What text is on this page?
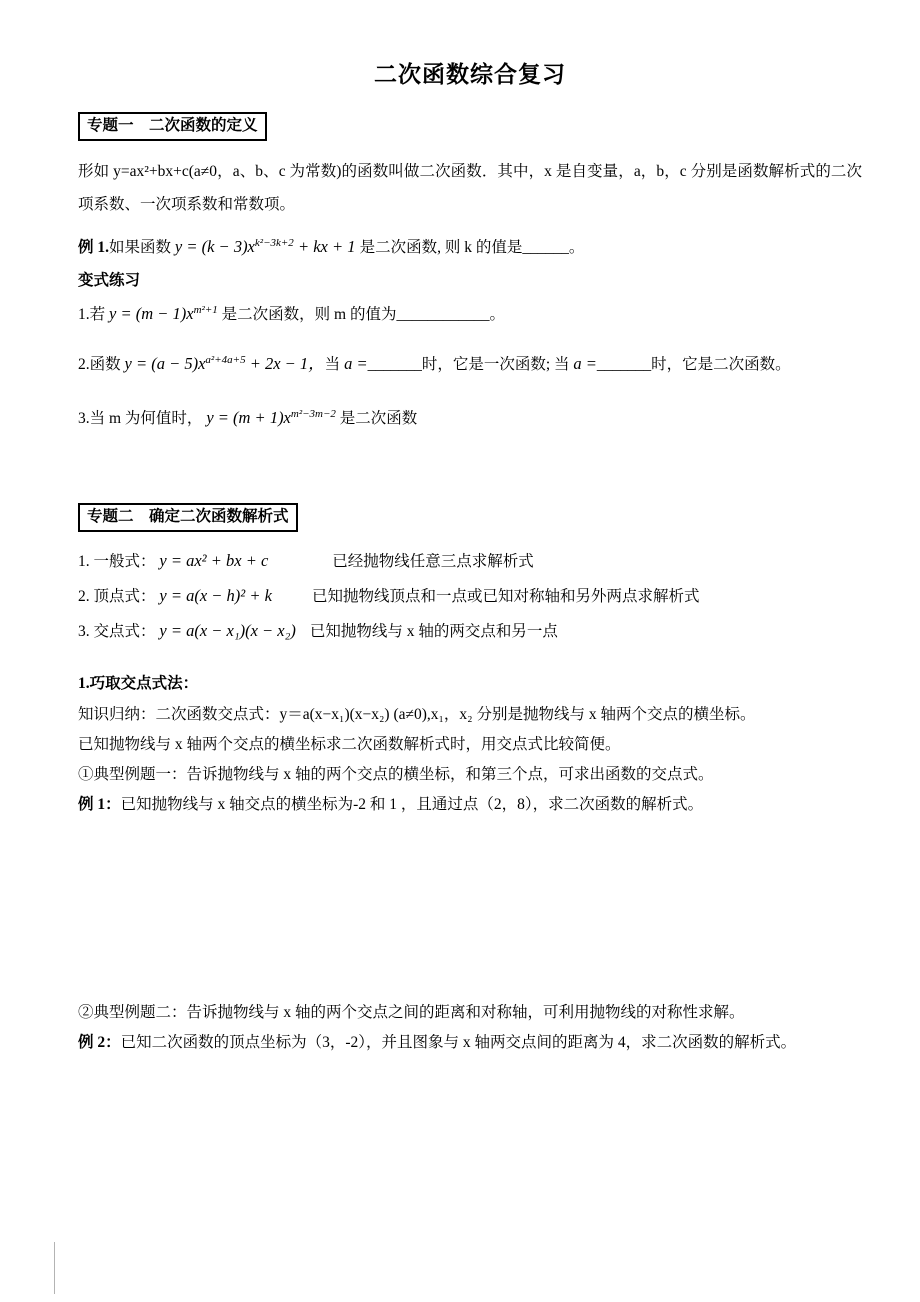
二次函数综合复习
专题一　二次函数的定义

形如 y=ax²+bx+c(a≠0，a、b、c 为常数)的函数叫做二次函数．其中，x 是自变量，a，b，c 分别是函数解析式的二次项系数、一次项系数和常数项。

例 1.如果函数 $y = (k - 3)x^{k^2-3k+2}$ + kx + 1 是二次函数, 则 k 的值是______。

变式练习

1.若 $y = (m - 1)x^{m^2+1}$ 是二次函数，则 m 的值为____________。

2.函数 $y = (a - 5)x^{a^2+4a+5} + 2x - 1$，当 a =_______时，它是一次函数; 当 a =_______时，它是二次函数。

3.当 m 为何值时， $y = (m + 1)x^{m^2-3m-2}$ 是二次函数

专题二　确定二次函数解析式

1. 一般式： y = ax² + bx + c	已经抛物线任意三点求解析式

2. 顶点式： y = a(x − h)² + k	已知抛物线顶点和一点或已知对称轴和另外两点求解析式

3. 交点式： y = a(x − x₁)(x − x₂) 已知抛物线与 x 轴的两交点和另一点

1.巧取交点式法：

知识归纳：二次函数交点式：y＝a(x−x₁)(x−x₂) (a≠0),x₁，x₂ 分别是抛物线与 x 轴两个交点的横坐标。

已知抛物线与 x 轴两个交点的横坐标求二次函数解析式时，用交点式比较简便。

①典型例题一：告诉抛物线与 x 轴的两个交点的横坐标，和第三个点，可求出函数的交点式。

例 1：已知抛物线与 x 轴交点的横坐标为-2 和 1 ，且通过点（2，8），求二次函数的解析式。

②典型例题二：告诉抛物线与 x 轴的两个交点之间的距离和对称轴，可利用抛物线的对称性求解。

例 2：已知二次函数的顶点坐标为（3，-2），并且图象与 x 轴两交点间的距离为 4，求二次函数的解析式。
